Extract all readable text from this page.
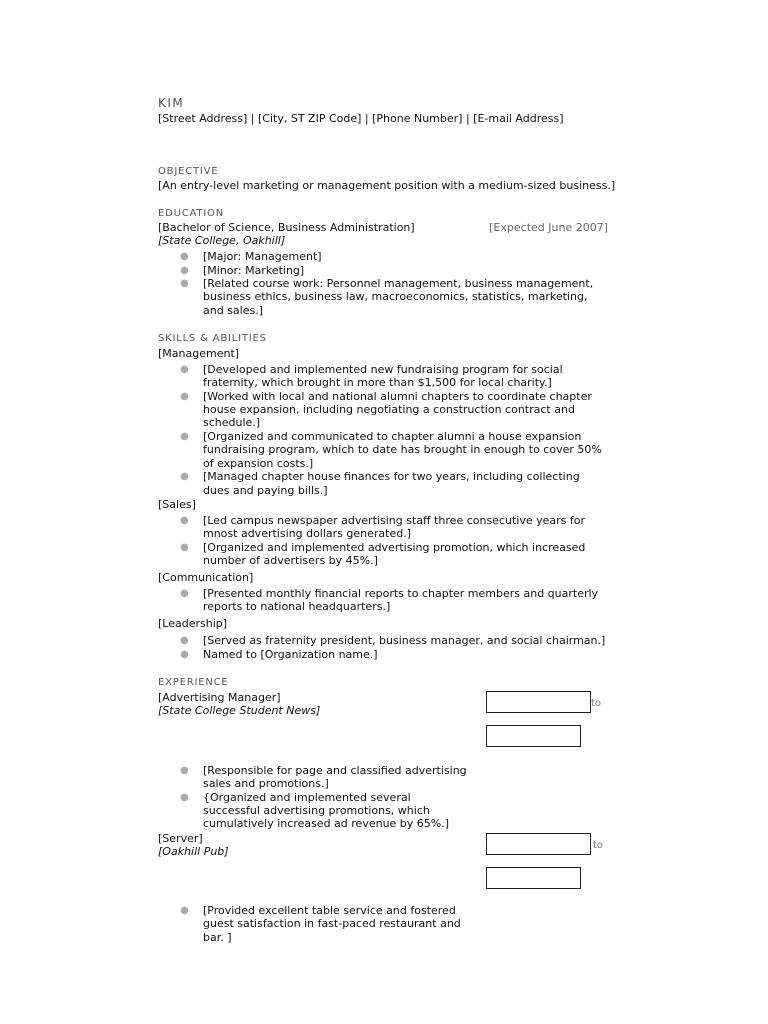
KIM
[Street Address] | [City, ST ZIP Code] | [Phone Number] | [E-mail Address]
OBJECTIVE
[An entry-level marketing or management position with a medium-sized business.]
EDUCATION
[Bachelor of Science, Business Administration]	[Expected June 2007]
[State College, Oakhill]
● [Major: Management]
● [Minor: Marketing]
● [Related course work: Personnel management, business management, business ethics, business law, macroeconomics, statistics, marketing, and sales.]
SKILLS & ABILITIES
[Management]
● [Developed and implemented new fundraising program for social fraternity, which brought in more than $1,500 for local charity.]
● [Worked with local and national alumni chapters to coordinate chapter house expansion, including negotiating a construction contract and schedule.]
● [Organized and communicated to chapter alumni a house expansion fundraising program, which to date has brought in enough to cover 50% of expansion costs.]
● [Managed chapter house finances for two years, including collecting dues and paying bills.]
[Sales]
● [Led campus newspaper advertising staff three consecutive years for mnost advertising dollars generated.]
● [Organized and implemented advertising promotion, which increased number of advertisers by 45%.]
[Communication]
● [Presented monthly financial reports to chapter members and quarterly reports to national headquarters.]
[Leadership]
● [Served as fraternity president, business manager, and social chairman.]
● Named to [Organization name.]
EXPERIENCE
[Advertising Manager]
[State College Student News]
to
● [Responsible for page and classified advertising sales and promotions.]
● {Organized and implemented several successful advertising promotions, which cumulatively increased ad revenue by 65%.]
[Server]
[Oakhill Pub]	to
● [Provided excellent table service and fostered guest satisfaction in fast-paced restaurant and bar. ]
